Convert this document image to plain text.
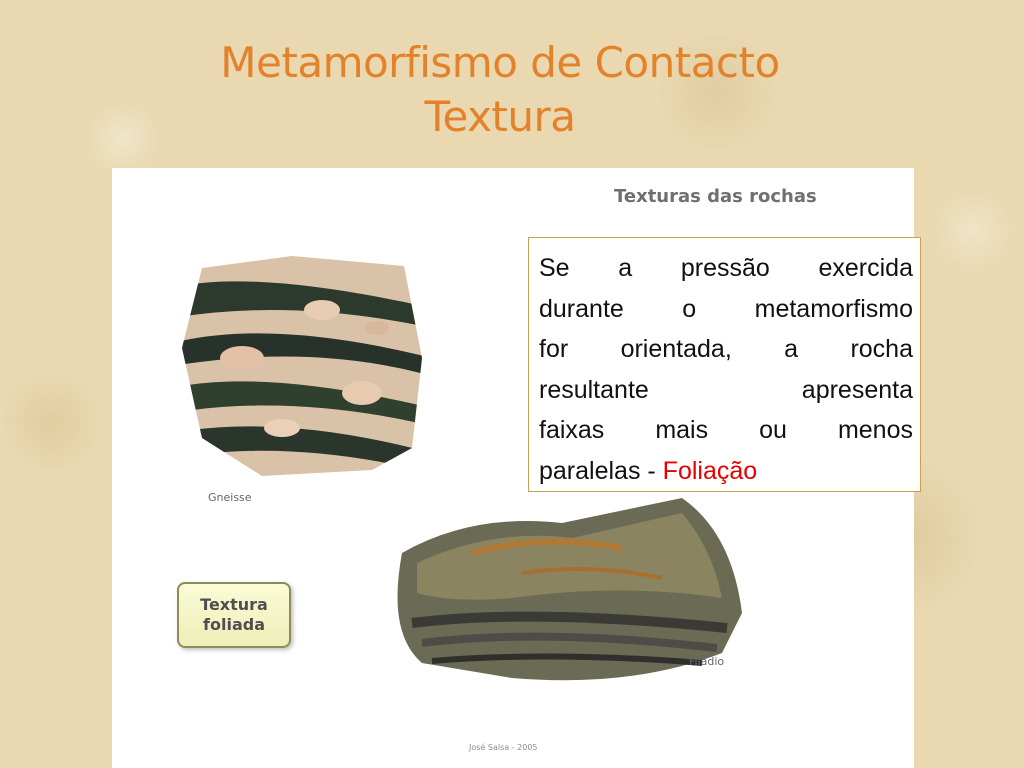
Metamorfismo de Contacto
Textura
Texturas das rochas
Gneisse
Textura
foliada
Filádio
José Salsa - 2005
Se a pressão exercida
durante o metamorfismo
for orientada, a rocha
resultante apresenta
faixas mais ou menos
paralelas - Foliação
